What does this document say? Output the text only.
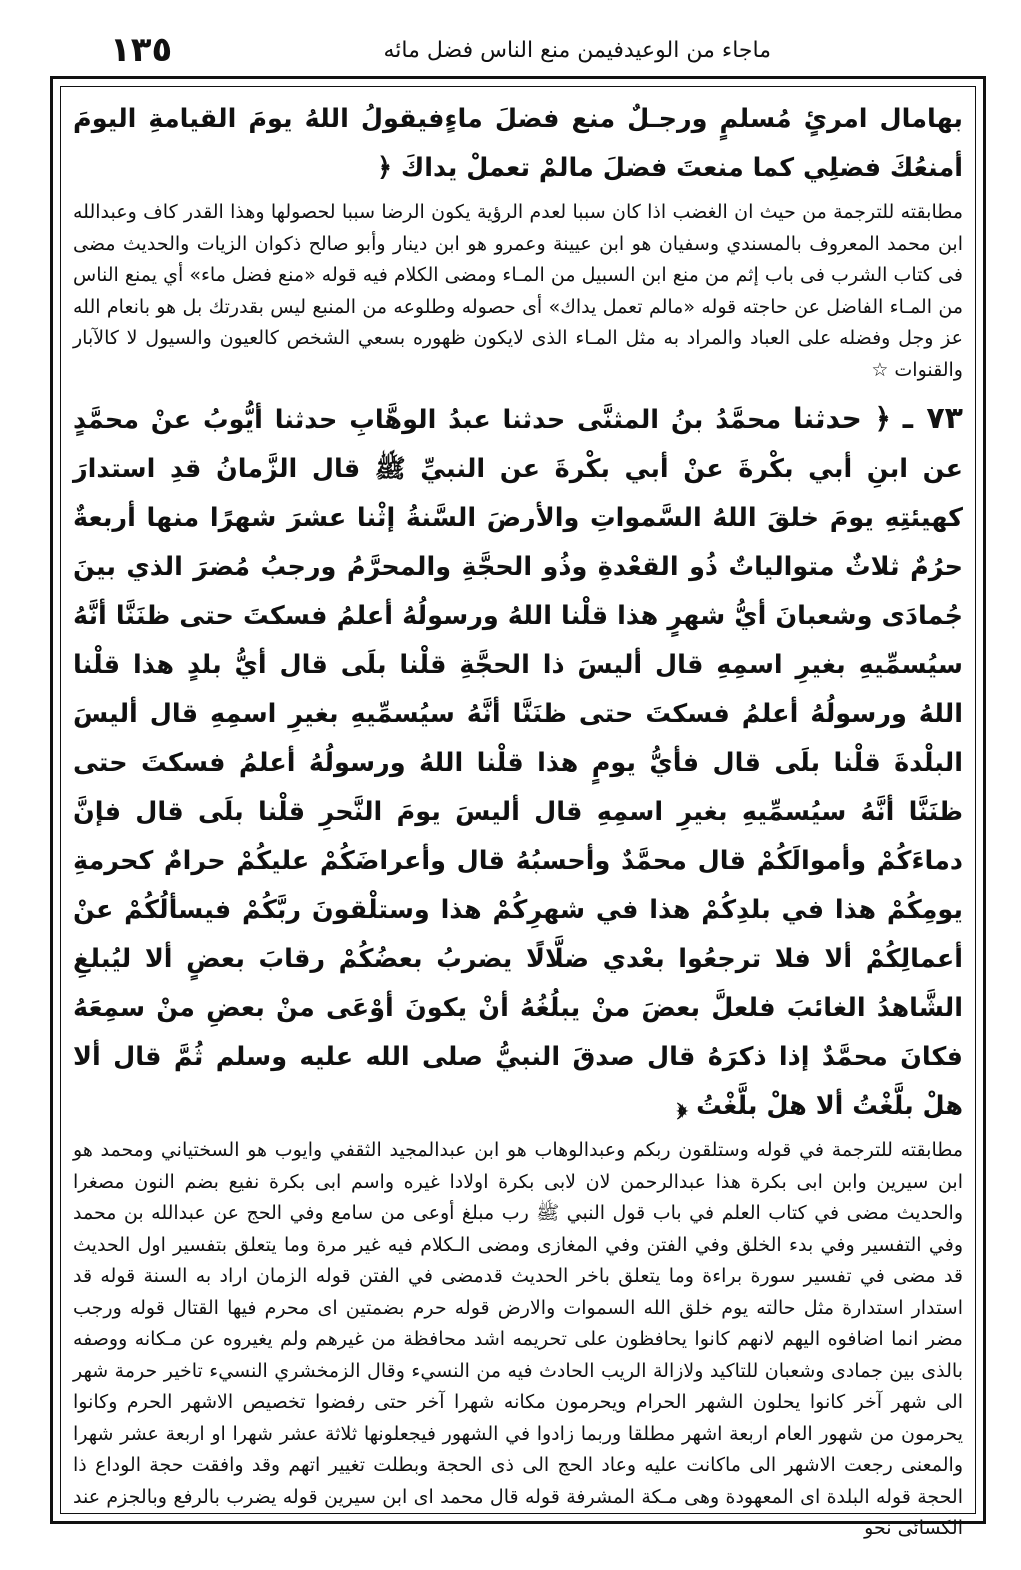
١٣٥	ماجاء من الوعيدفيمن منع الناس فضل مائه

بهامال امرئٍ مُسلمٍ ورجـلٌ منع فضلَ ماءٍفيقولُ اللهُ يومَ القيامةِ اليومَ أمنعُكَ فضلِي كما منعتَ فضلَ مالمْ تعملْ يداكَ ﴿

مطابقته للترجمة من حيث ان الغضب اذا كان سببا لعدم الرؤية يكون الرضا سببا لحصولها وهذا القدر كاف وعبدالله ابن محمد المعروف بالمسندي وسفيان هو ابن عيينة وعمرو هو ابن دينار وأبو صالح ذكوان الزيات والحديث مضى فى كتاب الشرب فى باب إثم من منع ابن السبيل من المـاء ومضى الكلام فيه قوله «منع فضل ماء» أي يمنع الناس من المـاء الفاضل عن حاجته قوله «مالم تعمل يداك» أى حصوله وطلوعه من المنبع ليس بقدرتك بل هو بانعام الله عز وجل وفضله على العباد والمراد به مثل المـاء الذى لايكون ظهوره بسعي الشخص كالعيون والسيول لا كالآبار والقنوات ☆

٧٣ ـ ﴿ حدثنا محمَّدُ بنُ المثنَّى حدثنا عبدُ الوهَّابِ حدثنا أيُّوبُ عنْ محمَّدٍ عن ابنِ أبي بكْرةَ عنْ أبي بكْرةَ عن النبيِّ ﷺ قال الزَّمانُ قدِ استدارَ كهيئتِهِ يومَ خلقَ اللهُ السَّمواتِ والأرضَ السَّنةُ إثْنا عشرَ شهرًا منها أربعةٌ حرُمٌ ثلاثٌ متوالياتٌ ذُو القعْدةِ وذُو الحجَّةِ والمحرَّمُ ورجبُ مُضرَ الذي بينَ جُمادَى وشعبانَ أيُّ شهرٍ هذا قلْنا اللهُ ورسولُهُ أعلمُ فسكتَ حتى ظنَنَّا أنَّهُ سيُسمِّيهِ بغيرِ اسمِهِ قال أليسَ ذا الحجَّةِ قلْنا بلَى قال أيُّ بلدٍ هذا قلْنا اللهُ ورسولُهُ أعلمُ فسكتَ حتى ظنَنَّا أنَّهُ سيُسمِّيهِ بغيرِ اسمِهِ قال أليسَ البلْدةَ قلْنا بلَى قال فأيُّ يومٍ هذا قلْنا اللهُ ورسولُهُ أعلمُ فسكتَ حتى ظنَنَّا أنَّهُ سيُسمِّيهِ بغيرِ اسمِهِ قال أليسَ يومَ النَّحرِ قلْنا بلَى قال فإنَّ دماءَكُمْ وأموالَكُمْ قال محمَّدٌ وأحسبُهُ قال وأعراضَكُمْ عليكُمْ حرامٌ كحرمةِ يومِكُمْ هذا في بلدِكُمْ هذا في شهرِكُمْ هذا وستلْقونَ ربَّكُمْ فيسألُكُمْ عنْ أعمالِكُمْ ألا فلا ترجعُوا بعْدي ضلَّالًا يضربُ بعضُكُمْ رقابَ بعضٍ ألا ليُبلغِ الشَّاهدُ الغائبَ فلعلَّ بعضَ منْ يبلُغُهُ أنْ يكونَ أوْعَى منْ بعضِ منْ سمِعَهُ فكانَ محمَّدٌ إذا ذكرَهُ قال صدقَ النبيُّ صلى الله عليه وسلم ثُمَّ قال ألا هلْ بلَّغْتُ ألا هلْ بلَّغْتُ ﴿

مطابقته للترجمة في قوله وستلقون ربكم وعبدالوهاب هو ابن عبدالمجيد الثقفي وايوب هو السختياني ومحمد هو ابن سيرين وابن ابى بكرة هذا عبدالرحمن لان لابى بكرة اولادا غيره واسم ابى بكرة نفيع بضم النون مصغرا والحديث مضى في كتاب العلم في باب قول النبي ﷺ رب مبلغ أوعى من سامع وفي الحج عن عبدالله بن محمد وفي التفسير وفي بدء الخلق وفي الفتن وفي المغازى ومضى الـكلام فيه غير مرة وما يتعلق بتفسير اول الحديث قد مضى في تفسير سورة براءة وما يتعلق باخر الحديث قدمضى في الفتن قوله الزمان اراد به السنة قوله قد استدار استدارة مثل حالته يوم خلق الله السموات والارض قوله حرم بضمتين اى محرم فيها القتال قوله ورجب مضر انما اضافوه اليهم لانهم كانوا يحافظون على تحريمه اشد محافظة من غيرهم ولم يغيروه عن مـكانه ووصفه بالذى بين جمادى وشعبان للتاكيد ولازالة الريب الحادث فيه من النسيء وقال الزمخشري النسيء تاخير حرمة شهر الى شهر آخر كانوا يحلون الشهر الحرام ويحرمون مكانه شهرا آخر حتى رفضوا تخصيص الاشهر الحرم وكانوا يحرمون من شهور العام اربعة اشهر مطلقا وربما زادوا في الشهور فيجعلونها ثلاثة عشر شهرا او اربعة عشر شهرا والمعنى رجعت الاشهر الى ماكانت عليه وعاد الحج الى ذى الحجة وبطلت تغيير اتهم وقد وافقت حجة الوداع ذا الحجة قوله البلدة اى المعهودة وهى مـكة المشرفة قوله قال محمد اى ابن سيرين قوله يضرب بالرفع وبالجزم عند الكسائى نحو
